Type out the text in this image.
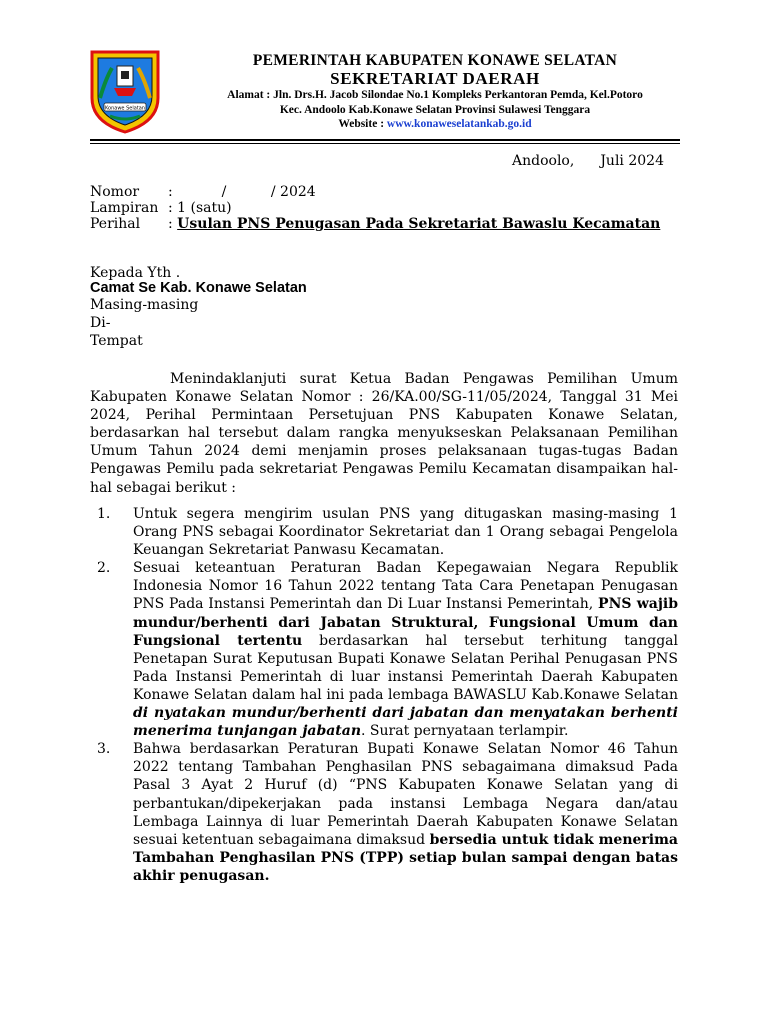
Konawe Selatan
PEMERINTAH KABUPATEN KONAWE SELATAN
SEKRETARIAT DAERAH
Alamat : Jln. Drs.H. Jacob Silondae No.1 Kompleks Perkantoran Pemda, Kel.Potoro
Kec. Andoolo Kab.Konawe Selatan Provinsi Sulawesi Tenggara
Website : www.konaweselatankab.go.id
Andoolo, Juli 2024
Nomor	:           /          / 2024
Lampiran : 1 (satu)
Perihal	: Usulan PNS Penugasan Pada Sekretariat Bawaslu Kecamatan
Kepada Yth .
Camat Se Kab. Konawe Selatan
Masing-masing
Di-
Tempat

Menindaklanjuti surat Ketua Badan Pengawas Pemilihan Umum Kabupaten Konawe Selatan Nomor : 26/KA.00/SG-11/05/2024, Tanggal 31 Mei 2024, Perihal Permintaan Persetujuan PNS Kabupaten Konawe Selatan, berdasarkan hal tersebut dalam rangka menyukseskan Pelaksanaan Pemilihan Umum Tahun 2024 demi menjamin proses pelaksanaan tugas-tugas Badan Pengawas Pemilu pada sekretariat Pengawas Pemilu Kecamatan disampaikan hal-hal sebagai berikut :

1. Untuk segera mengirim usulan PNS yang ditugaskan masing-masing 1 Orang PNS sebagai Koordinator Sekretariat dan 1 Orang sebagai Pengelola Keuangan Sekretariat Panwasu Kecamatan.
2. Sesuai keteantuan Peraturan Badan Kepegawaian Negara Republik Indonesia Nomor 16 Tahun 2022 tentang Tata Cara Penetapan Penugasan PNS Pada Instansi Pemerintah dan Di Luar Instansi Pemerintah, PNS wajib mundur/berhenti dari Jabatan Struktural, Fungsional Umum dan Fungsional tertentu berdasarkan hal tersebut terhitung tanggal Penetapan Surat Keputusan Bupati Konawe Selatan Perihal Penugasan PNS Pada Instansi Pemerintah di luar instansi Pemerintah Daerah Kabupaten Konawe Selatan dalam hal ini pada lembaga BAWASLU Kab.Konawe Selatan di nyatakan mundur/berhenti dari jabatan dan menyatakan berhenti menerima tunjangan jabatan. Surat pernyataan terlampir.
3. Bahwa berdasarkan Peraturan Bupati Konawe Selatan Nomor 46 Tahun 2022 tentang Tambahan Penghasilan PNS sebagaimana dimaksud Pada Pasal 3 Ayat 2 Huruf (d) “PNS Kabupaten Konawe Selatan yang di perbantukan/dipekerjakan pada instansi Lembaga Negara dan/atau Lembaga Lainnya di luar Pemerintah Daerah Kabupaten Konawe Selatan sesuai ketentuan sebagaimana dimaksud bersedia untuk tidak menerima Tambahan Penghasilan PNS (TPP) setiap bulan sampai dengan batas akhir penugasan.
